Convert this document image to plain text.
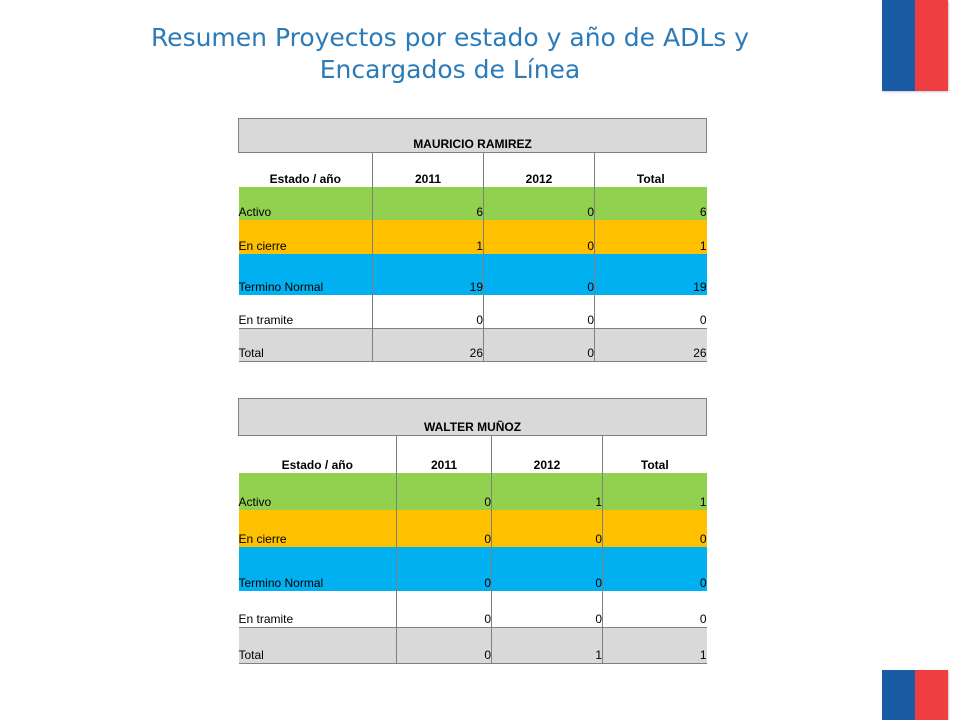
Resumen Proyectos por estado y año de ADLs y
Encargados de Línea
MAURICIO RAMIREZ			
Estado / año	2011	2012	Total
Activo	6	0	6
En cierre	1	0	1
Termino Normal	19	0	19
En tramite	0	0	0
Total	26	0	26
WALTER MUÑOZ			
Estado / año	2011	2012	Total
Activo	0	1	1
En cierre	0	0	0
Termino Normal	0	0	0
En tramite	0	0	0
Total	0	1	1
